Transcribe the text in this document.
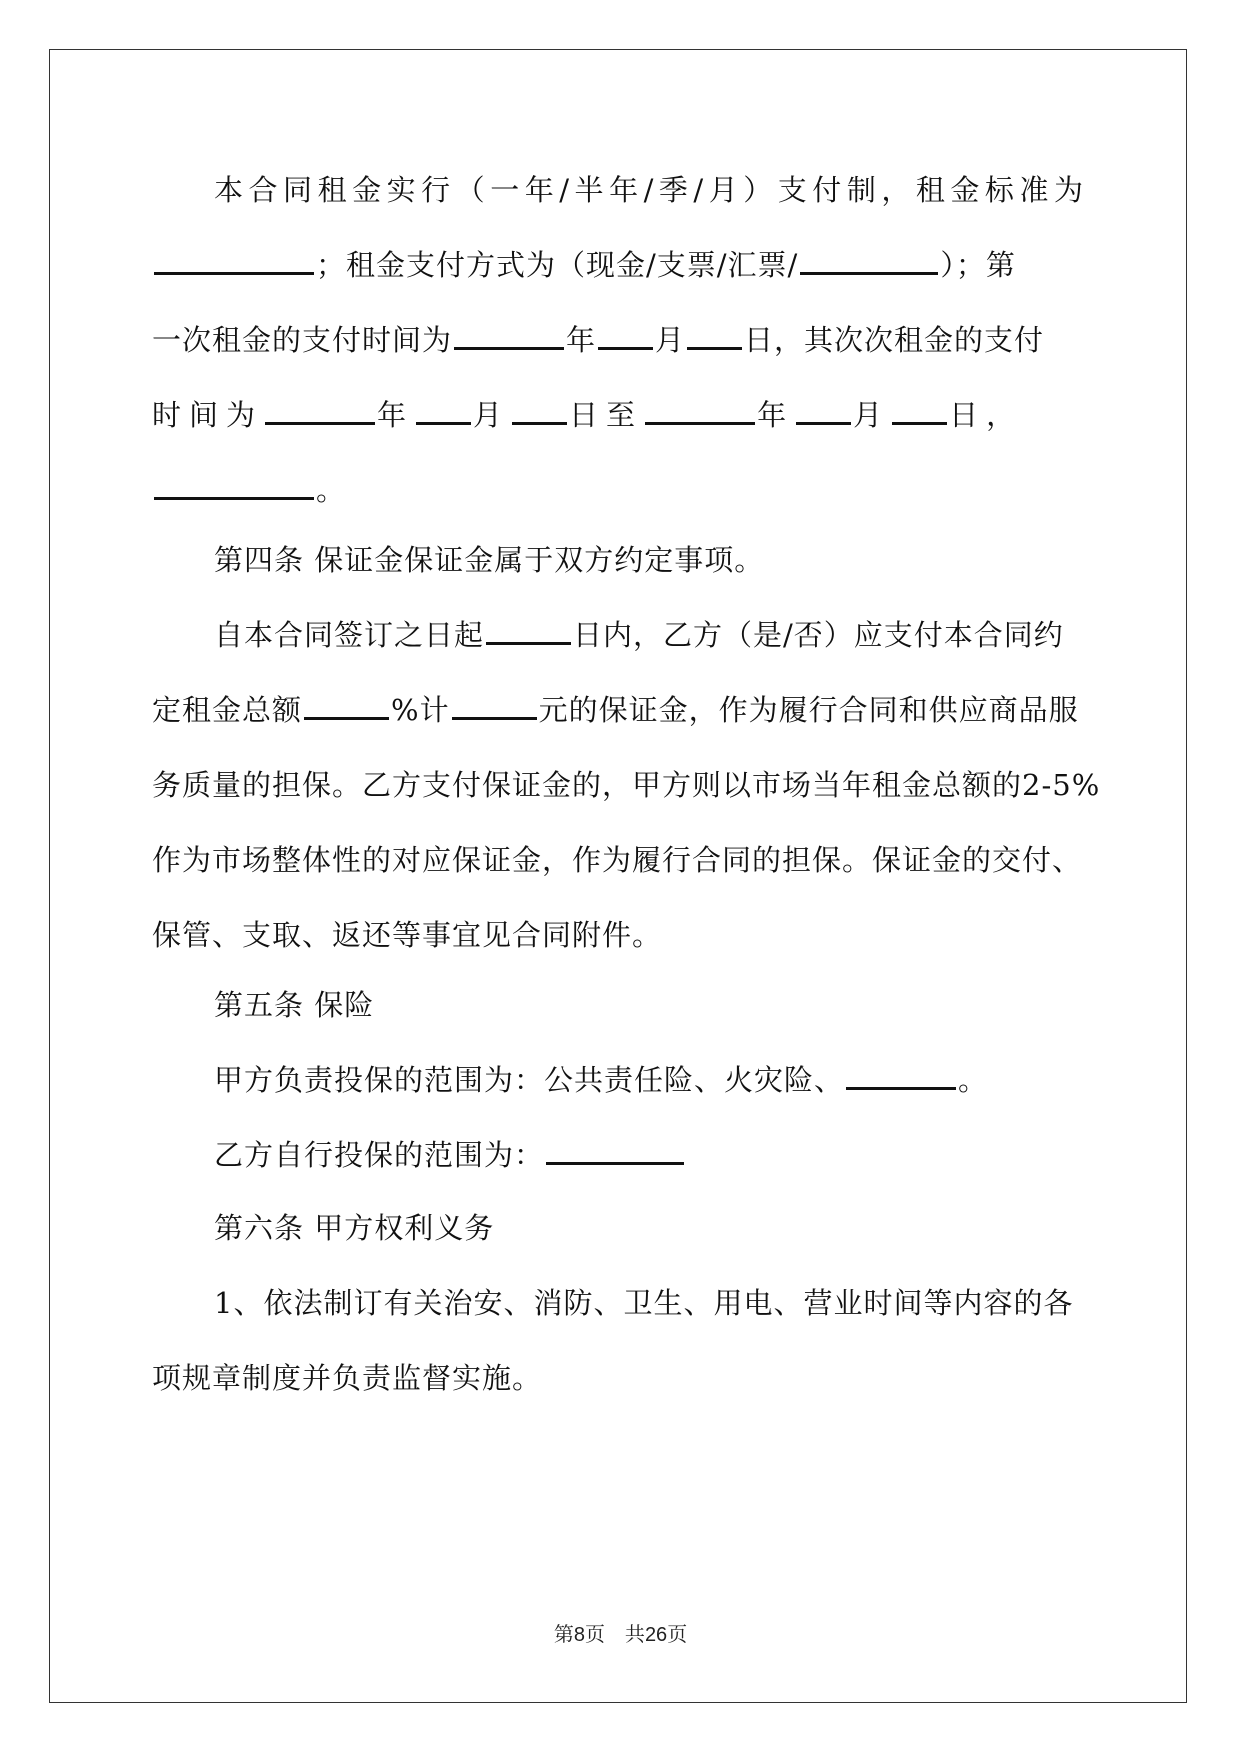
本合同租金实行（一年/半年/季/月）支付制，租金标准为
；租金支付方式为（现金/支票/汇票/	）；第
一次租金的支付时间为	年 月 日，其次次租金的支付
时间为	年 月 日至	年 月 日，
。
第四条 保证金保证金属于双方约定事项。
自本合同签订之日起	日内，乙方（是/否）应支付本合同约
定租金总额	%计	元的保证金，作为履行合同和供应商品服
务质量的担保。乙方支付保证金的，甲方则以市场当年租金总额的2-5%
作为市场整体性的对应保证金，作为履行合同的担保。保证金的交付、
保管、支取、返还等事宜见合同附件。
第五条 保险
甲方负责投保的范围为：公共责任险、火灾险、	。
乙方自行投保的范围为：
第六条 甲方权利义务
1、依法制订有关治安、消防、卫生、用电、营业时间等内容的各
项规章制度并负责监督实施。
第8页　共26页
